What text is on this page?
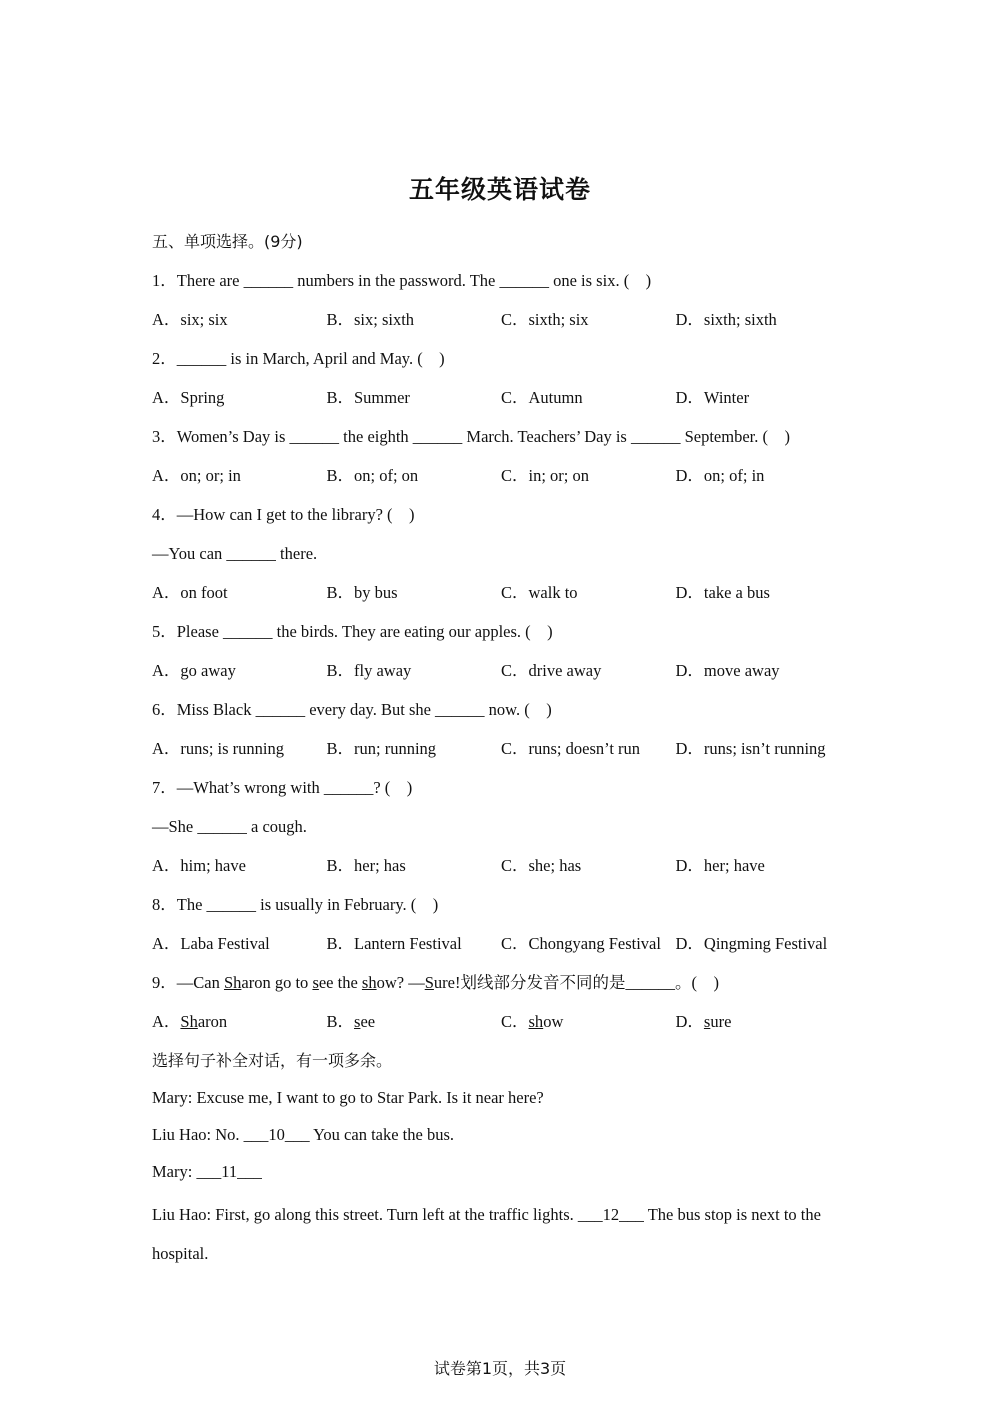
五年级英语试卷
五、单项选择。(9分)
1．There are ______ numbers in the password. The ______ one is six. (　)
A．six; six	B．six; sixth	C．sixth; six	D．sixth; sixth
2．______ is in March, April and May. (　)
A．Spring	B．Summer	C．Autumn	D．Winter
3．Women’s Day is ______ the eighth ______ March. Teachers’ Day is ______ September. (　)
A．on; or; in	B．on; of; on	C．in; or; on	D．on; of; in
4．—How can I get to the library? (　)
—You can ______ there.
A．on foot	B．by bus	C．walk to	D．take a bus
5．Please ______ the birds. They are eating our apples. (　)
A．go away	B．fly away	C．drive away	D．move away
6．Miss Black ______ every day. But she ______ now. (　)
A．runs; is running	B．run; running	C．runs; doesn’t run	D．runs; isn’t running
7．—What’s wrong with ______? (　)
—She ______ a cough.
A．him; have	B．her; has	C．she; has	D．her; have
8．The ______ is usually in February. (　)
A．Laba Festival	B．Lantern Festival	C．Chongyang Festival D．Qingming Festival
9．—Can Sharon go to see the show? —Sure!划线部分发音不同的是______。(　)
A．Sharon	B．see	C．show	D．sure
选择句子补全对话，有一项多余。
Mary: Excuse me, I want to go to Star Park. Is it near here?
Liu Hao: No. ___10___ You can take the bus.
Mary: ___11___
Liu Hao: First, go along this street. Turn left at the traffic lights. ___12___ The bus stop is next to the hospital.
试卷第1页，共3页
